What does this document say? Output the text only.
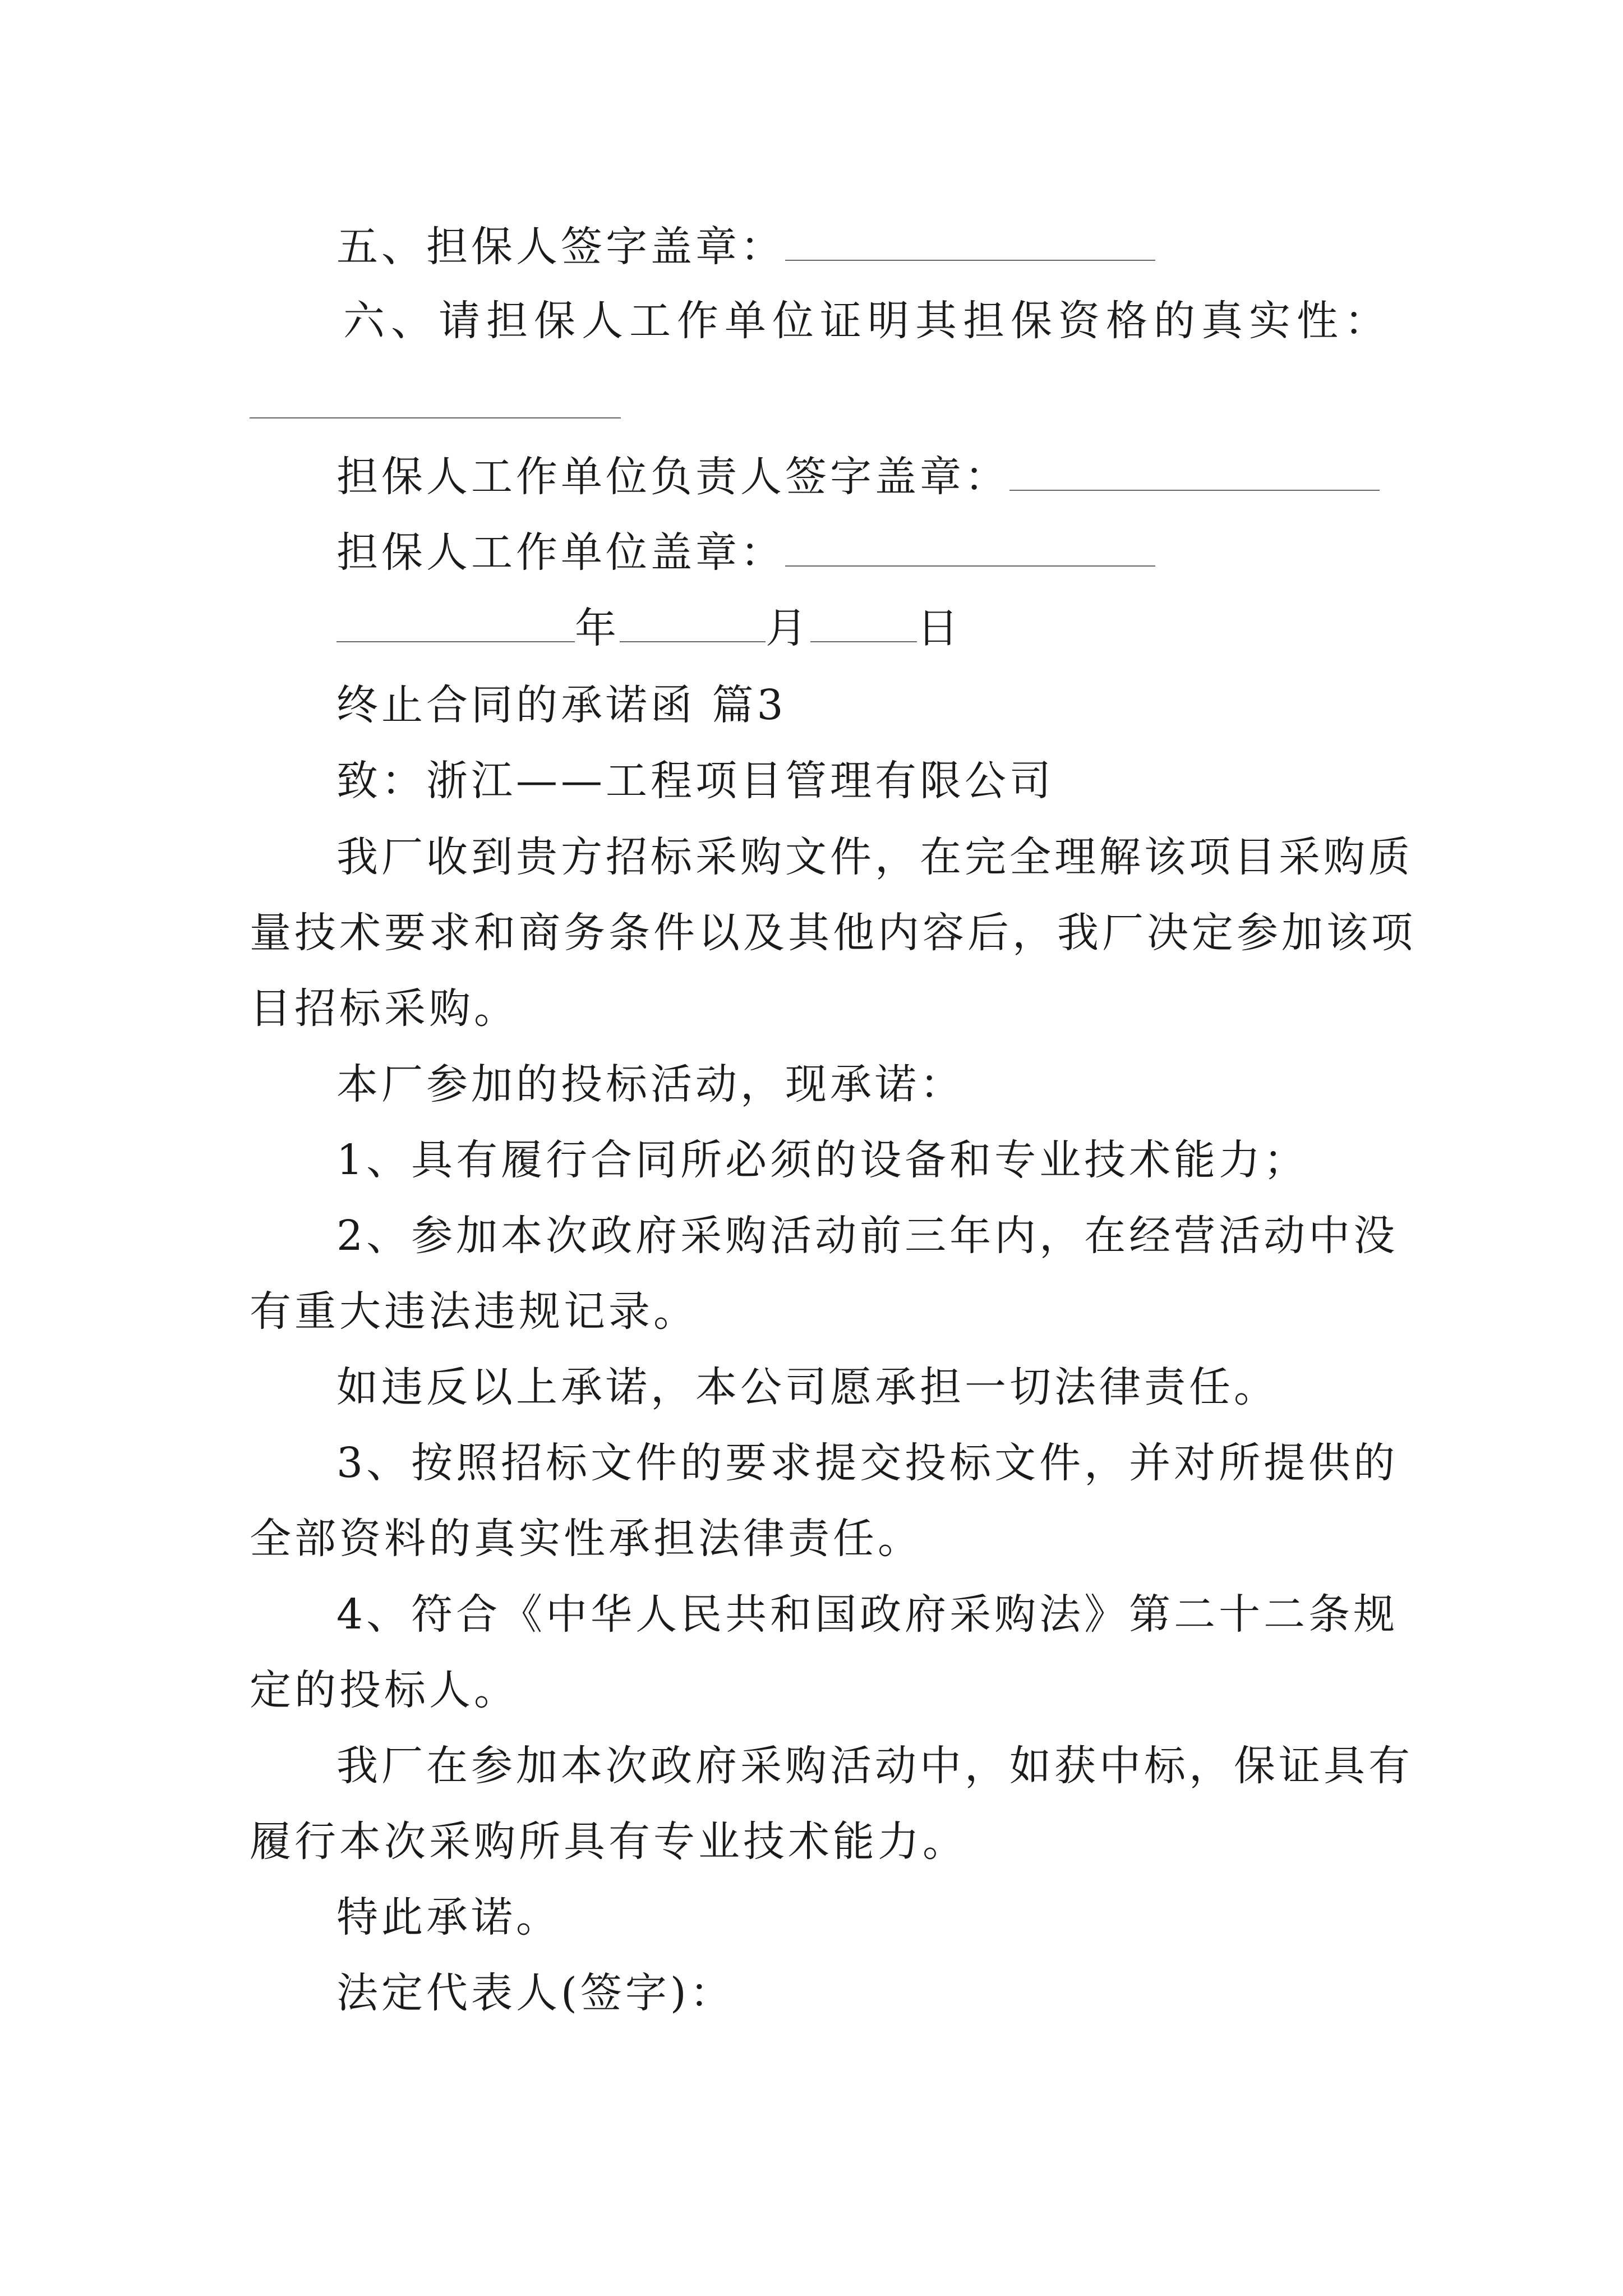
五、担保人签字盖章：
六、请担保人工作单位证明其担保资格的真实性：
担保人工作单位负责人签字盖章：
担保人工作单位盖章：
年	月	日
终止合同的承诺函 篇3
致：浙江——工程项目管理有限公司
我厂收到贵方招标采购文件，在完全理解该项目采购质
量技术要求和商务条件以及其他内容后，我厂决定参加该项
目招标采购。
本厂参加的投标活动，现承诺：
1、具有履行合同所必须的设备和专业技术能力；
2、参加本次政府采购活动前三年内，在经营活动中没
有重大违法违规记录。
如违反以上承诺，本公司愿承担一切法律责任。
3、按照招标文件的要求提交投标文件，并对所提供的
全部资料的真实性承担法律责任。
4、符合《中华人民共和国政府采购法》第二十二条规
定的投标人。
我厂在参加本次政府采购活动中，如获中标，保证具有
履行本次采购所具有专业技术能力。
特此承诺。
法定代表人(签字)：
